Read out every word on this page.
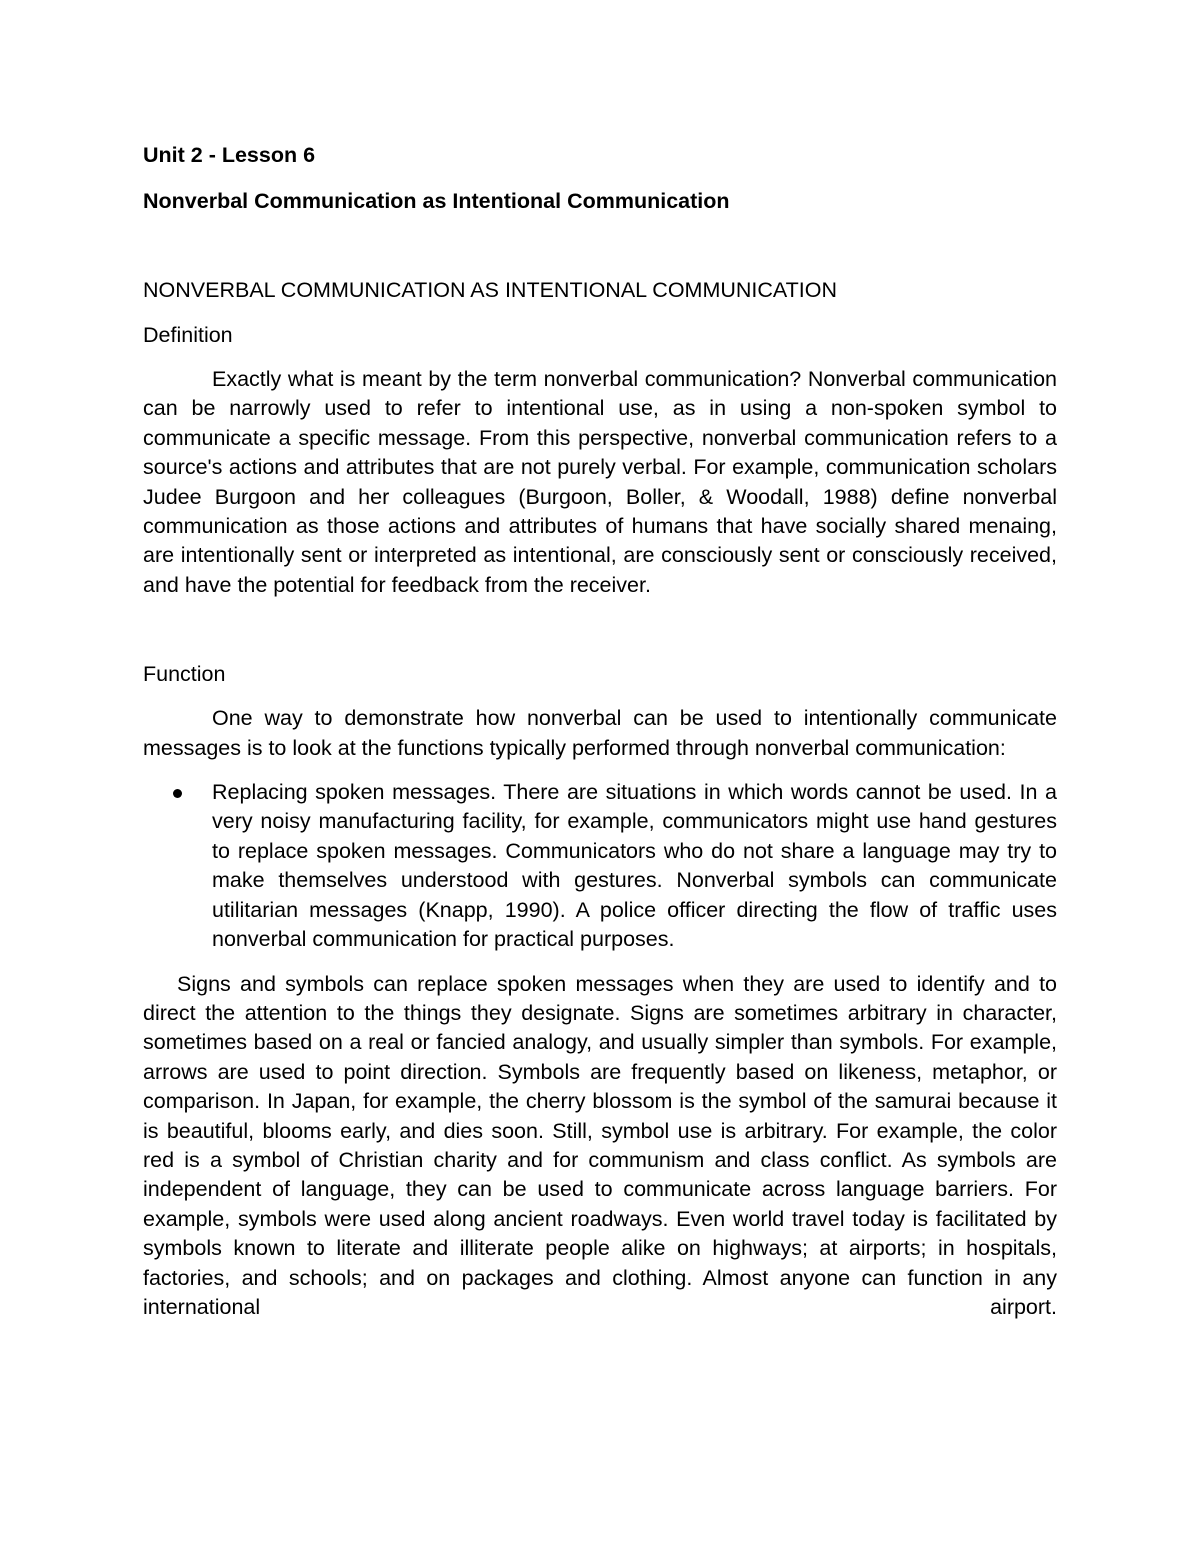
Unit 2 - Lesson 6

Nonverbal Communication as Intentional Communication

NONVERBAL COMMUNICATION AS INTENTIONAL COMMUNICATION

Definition

Exactly what is meant by the term nonverbal communication? Nonverbal communication can be narrowly used to refer to intentional use, as in using a non-spoken symbol to communicate a specific message. From this perspective, nonverbal communication refers to a source's actions and attributes that are not purely verbal. For example, communication scholars Judee Burgoon and her colleagues (Burgoon, Boller, & Woodall, 1988) define nonverbal communication as those actions and attributes of humans that have socially shared menaing, are intentionally sent or interpreted as intentional, are consciously sent or consciously received, and have the potential for feedback from the receiver.

Function

One way to demonstrate how nonverbal can be used to intentionally communicate messages is to look at the functions typically performed through nonverbal communication:

Replacing spoken messages. There are situations in which words cannot be used. In a very noisy manufacturing facility, for example, communicators might use hand gestures to replace spoken messages. Communicators who do not share a language may try to make themselves understood with gestures. Nonverbal symbols can communicate utilitarian messages (Knapp, 1990). A police officer directing the flow of traffic uses nonverbal communication for practical purposes.

Signs and symbols can replace spoken messages when they are used to identify and to direct the attention to the things they designate. Signs are sometimes arbitrary in character, sometimes based on a real or fancied analogy, and usually simpler than symbols. For example, arrows are used to point direction. Symbols are frequently based on likeness, metaphor, or comparison. In Japan, for example, the cherry blossom is the symbol of the samurai because it is beautiful, blooms early, and dies soon. Still, symbol use is arbitrary. For example, the color red is a symbol of Christian charity and for communism and class conflict. As symbols are independent of language, they can be used to communicate across language barriers. For example, symbols were used along ancient roadways. Even world travel today is facilitated by symbols known to literate and illiterate people alike on highways; at airports; in hospitals, factories, and schools; and on packages and clothing. Almost anyone can function in any international airport.
